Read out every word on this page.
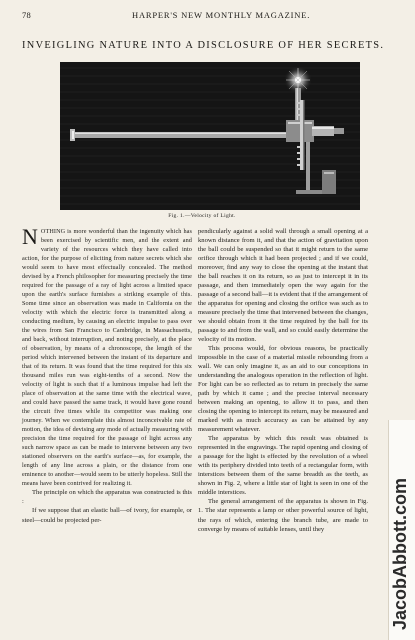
78	HARPER'S NEW MONTHLY MAGAZINE.
INVEIGLING NATURE INTO A DISCLOSURE OF HER SECRETS.
Fig. 1.—Velocity of Light.

NOTHING is more wonderful than the ingenuity which has been exercised by scientific men, and the extent and variety of the resources which they have called into action, for the purpose of eliciting from nature secrets which she would seem to have most effectually concealed. The method devised by a French philosopher for measuring precisely the time required for the passage of a ray of light across a limited space upon the earth's surface furnishes a striking example of this. Some time since an observation was made in California on the velocity with which the electric force is transmitted along a conducting medium, by causing an electric impulse to pass over the wires from San Francisco to Cambridge, in Massachusetts, and back, without interruption, and noting precisely, at the place of observation, by means of a chronoscope, the length of the period which intervened between the instant of its departure and that of its return. It was found that the time required for this six thousand miles run was eight-tenths of a second. Now the velocity of light is such that if a luminous impulse had left the place of observation at the same time with the electrical wave, and could have passed the same track, it would have gone round the circuit five times while its competitor was making one journey. When we contemplate this almost inconceivable rate of motion, the idea of devising any mode of actually measuring with precision the time required for the passage of light across any such narrow space as can be made to intervene between any two stationed observers on the earth's surface—as, for example, the length of any line across a plain, or the distance from one eminence to another—would seem to be utterly hopeless. Still the means have been contrived for realizing it.

The principle on which the apparatus was constructed is this :

If we suppose that an elastic ball—of ivory, for example, or steel—could be projected per-

pendicularly against a solid wall through a small opening at a known distance from it, and that the action of gravitation upon the ball could be suspended so that it might return to the same orifice through which it had been projected ; and if we could, moreover, find any way to close the opening at the instant that the ball reaches it on its return, so as just to intercept it in its passage, and then immediately open the way again for the passage of a second ball—it is evident that if the arrangement of the apparatus for opening and closing the orifice was such as to measure precisely the time that intervened between the changes, we should obtain from it the time required by the ball for its passage to and from the wall, and so could easily determine the velocity of its motion.

This process would, for obvious reasons, be practically impossible in the case of a material missile rebounding from a wall. We can only imagine it, as an aid to our conceptions in understanding the analogous operation in the reflection of light. For light can be so reflected as to return in precisely the same path by which it came ; and the precise interval necessary between making an opening, to allow it to pass, and then closing the opening to intercept its return, may be measured and marked with as much accuracy as can be attained by any measurement whatever.

The apparatus by which this result was obtained is represented in the engravings. The rapid opening and closing of a passage for the light is effected by the revolution of a wheel with its periphery divided into teeth of a rectangular form, with interstices between them of the same breadth as the teeth, as shown in Fig. 2, where a little star of light is seen in one of the middle interstices.

The general arrangement of the apparatus is shown in Fig. 1. The star represents a lamp or other powerful source of light, the rays of which, entering the branch tube, are made to converge by means of suitable lenses, until they	JacobAbbott.com
